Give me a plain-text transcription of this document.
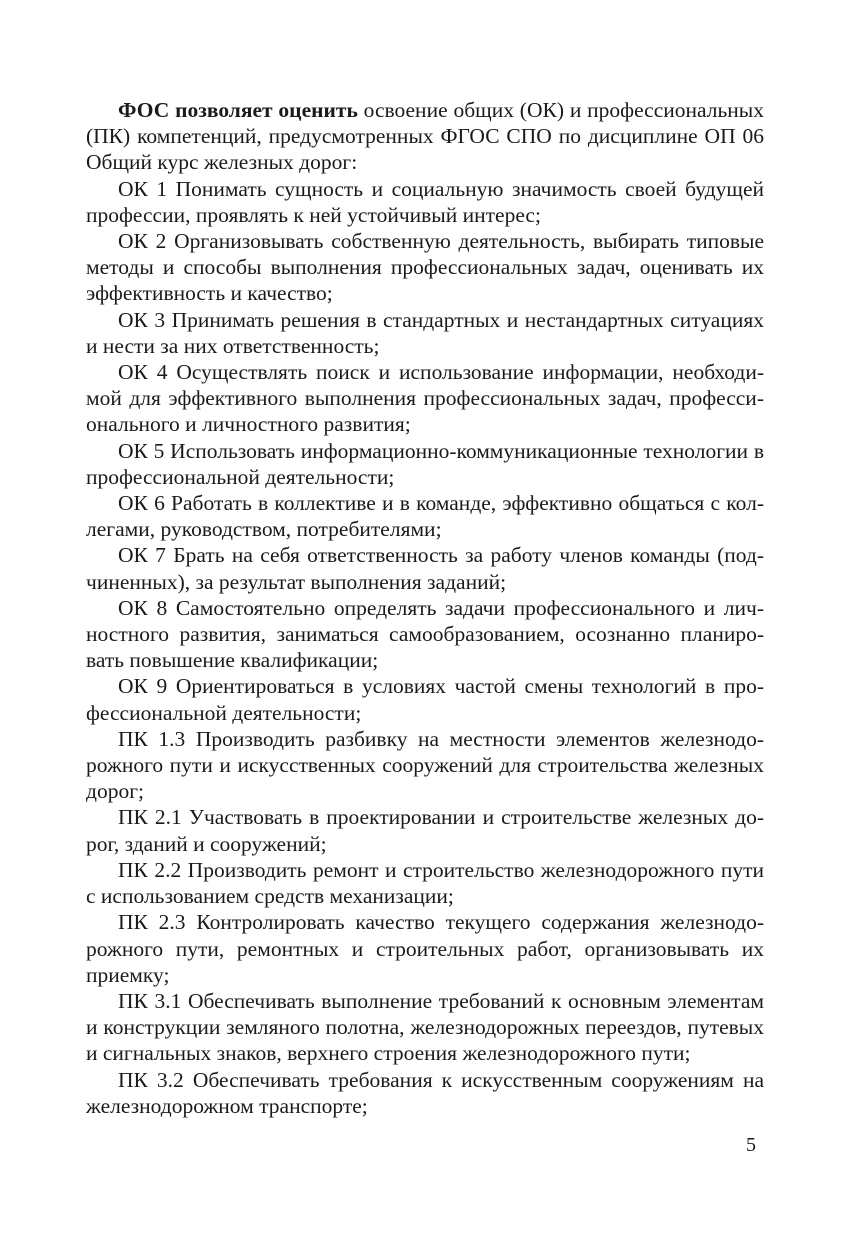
ФОС позволяет оценить освоение общих (ОК) и профессиональных (ПК) компетенций, предусмотренных ФГОС СПО по дисциплине ОП 06 Общий курс железных дорог:

ОК 1 Понимать сущность и социальную значимость своей будущей профессии, проявлять к ней устойчивый интерес;

ОК 2 Организовывать собственную деятельность, выбирать типовые методы и способы выполнения профессиональных задач, оценивать их эффективность и качество;

ОК 3 Принимать решения в стандартных и нестандартных ситуациях и нести за них ответственность;

ОК 4 Осуществлять поиск и использование информации, необходимой для эффективного выполнения профессиональных задач, профессионального и личностного развития;

ОК 5 Использовать информационно-коммуникационные технологии в профессиональной деятельности;

ОК 6 Работать в коллективе и в команде, эффективно общаться с коллегами, руководством, потребителями;

ОК 7 Брать на себя ответственность за работу членов команды (подчиненных), за результат выполнения заданий;

ОК 8 Самостоятельно определять задачи профессионального и личностного развития, заниматься самообразованием, осознанно планировать повышение квалификации;

ОК 9 Ориентироваться в условиях частой смены технологий в профессиональной деятельности;

ПК 1.3 Производить разбивку на местности элементов железнодорожного пути и искусственных сооружений для строительства железных дорог;

ПК 2.1 Участвовать в проектировании и строительстве железных дорог, зданий и сооружений;

ПК 2.2 Производить ремонт и строительство железнодорожного пути с использованием средств механизации;

ПК 2.3 Контролировать качество текущего содержания железнодорожного пути, ремонтных и строительных работ, организовывать их приемку;

ПК 3.1 Обеспечивать выполнение требований к основным элементам и конструкции земляного полотна, железнодорожных переездов, путевых и сигнальных знаков, верхнего строения железнодорожного пути;

ПК 3.2 Обеспечивать требования к искусственным сооружениям на железнодорожном транспорте;

5
